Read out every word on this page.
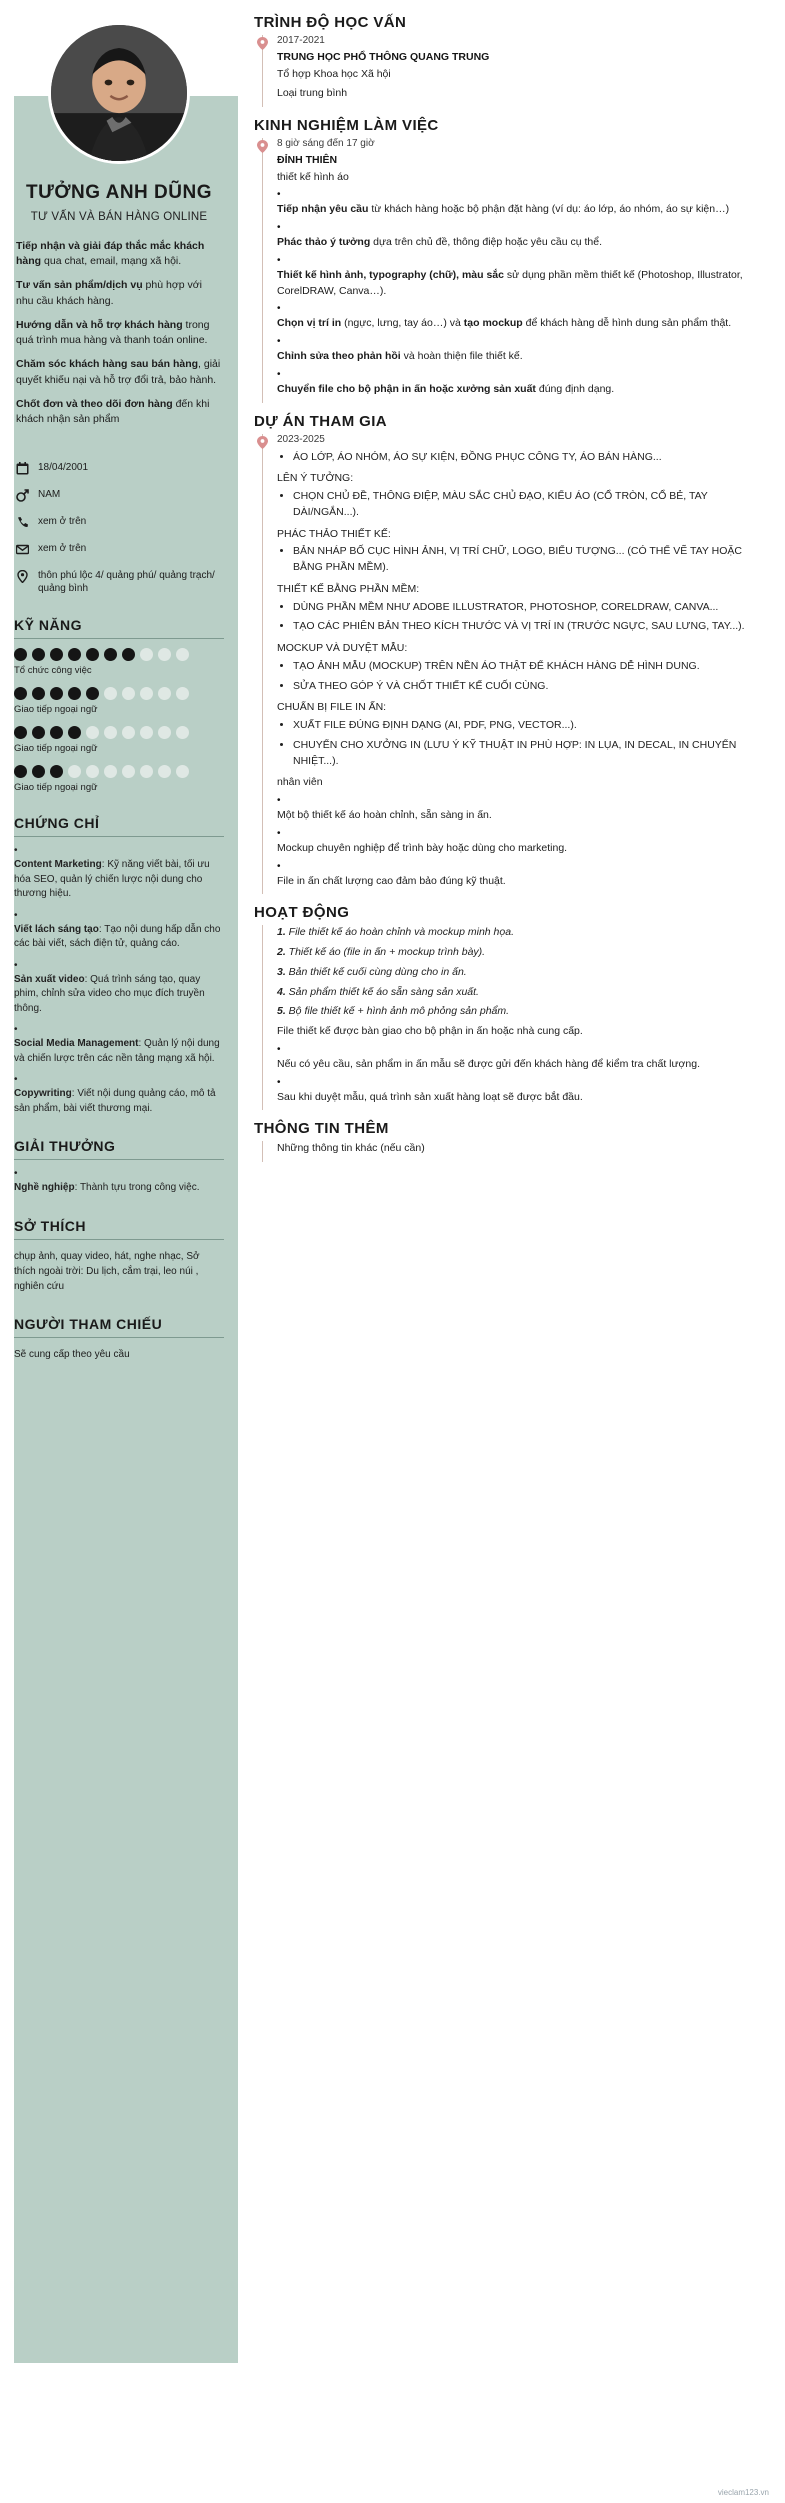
TƯỞNG ANH DŨNG
TƯ VẤN VÀ BÁN HÀNG ONLINE

Tiếp nhận và giải đáp thắc mắc khách hàng qua chat, email, mạng xã hội.

Tư vấn sản phẩm/dịch vụ phù hợp với nhu cầu khách hàng.

Hướng dẫn và hỗ trợ khách hàng trong quá trình mua hàng và thanh toán online.

Chăm sóc khách hàng sau bán hàng, giải quyết khiếu nại và hỗ trợ đổi trả, bảo hành.

Chốt đơn và theo dõi đơn hàng đến khi khách nhận sản phẩm

18/04/2001
NAM
xem ở trên
xem ở trên
thôn phú lộc 4/ quảng phú/ quảng trạch/ quảng bình
KỸ NĂNG
Tổ chức công việc
Giao tiếp ngoại ngữ
Giao tiếp ngoại ngữ
Giao tiếp ngoại ngữ
CHỨNG CHỈ
•
Content Marketing: Kỹ năng viết bài, tối ưu hóa SEO, quản lý chiến lược nội dung cho thương hiệu.
•
Viết lách sáng tạo: Tạo nội dung hấp dẫn cho các bài viết, sách điện tử, quảng cáo.
•
Sản xuất video: Quá trình sáng tạo, quay phim, chỉnh sửa video cho mục đích truyền thông.
•
Social Media Management: Quản lý nội dung và chiến lược trên các nền tảng mạng xã hội.
•
Copywriting: Viết nội dung quảng cáo, mô tả sản phẩm, bài viết thương mại.
GIẢI THƯỞNG
•
Nghề nghiệp: Thành tựu trong công việc.
SỞ THÍCH
chụp ảnh, quay video, hát, nghe nhạc, Sở thích ngoài trời: Du lịch, cắm trại, leo núi , nghiên cứu
NGƯỜI THAM CHIẾU
Sẽ cung cấp theo yêu cầu
TRÌNH ĐỘ HỌC VẤN
2017-2021
TRUNG HỌC PHỔ THÔNG QUANG TRUNG
Tổ hợp Khoa học Xã hội
Loại trung bình
KINH NGHIỆM LÀM VIỆC
8 giờ sáng đến 17 giờ
ĐỈNH THIÊN
thiết kế hình áo
•
Tiếp nhận yêu cầu từ khách hàng hoặc bộ phận đặt hàng (ví dụ: áo lớp, áo nhóm, áo sự kiện…)
•
Phác thảo ý tưởng dựa trên chủ đề, thông điệp hoặc yêu cầu cụ thể.
•
Thiết kế hình ảnh, typography (chữ), màu sắc sử dụng phần mềm thiết kế (Photoshop, Illustrator, CorelDRAW, Canva…).
•
Chọn vị trí in (ngực, lưng, tay áo…) và tạo mockup để khách hàng dễ hình dung sản phẩm thật.
•
Chỉnh sửa theo phản hồi và hoàn thiện file thiết kế.
•
Chuyển file cho bộ phận in ấn hoặc xưởng sản xuất đúng định dạng.
DỰ ÁN THAM GIA
2023-2025
• ÁO LỚP, ÁO NHÓM, ÁO SỰ KIỆN, ĐỒNG PHỤC CÔNG TY, ÁO BÁN HÀNG...
LÊN Ý TƯỞNG:
• CHỌN CHỦ ĐỀ, THÔNG ĐIỆP, MÀU SẮC CHỦ ĐẠO, KIỂU ÁO (CỔ TRÒN, CỔ BẺ, TAY DÀI/NGẮN...).
PHÁC THẢO THIẾT KẾ:
• BẢN NHÁP BỐ CỤC HÌNH ẢNH, VỊ TRÍ CHỮ, LOGO, BIỂU TƯỢNG... (CÓ THỂ VẼ TAY HOẶC BẰNG PHẦN MỀM).
THIẾT KẾ BẰNG PHẦN MỀM:
• DÙNG PHẦN MỀM NHƯ ADOBE ILLUSTRATOR, PHOTOSHOP, CORELDRAW, CANVA...
• TẠO CÁC PHIÊN BẢN THEO KÍCH THƯỚC VÀ VỊ TRÍ IN (TRƯỚC NGỰC, SAU LƯNG, TAY...).
MOCKUP VÀ DUYỆT MẪU:
• TẠO ẢNH MẪU (MOCKUP) TRÊN NỀN ÁO THẬT ĐỂ KHÁCH HÀNG DỄ HÌNH DUNG.
• SỬA THEO GÓP Ý VÀ CHỐT THIẾT KẾ CUỐI CÙNG.
CHUẨN BỊ FILE IN ẤN:
• XUẤT FILE ĐÚNG ĐỊNH DẠNG (AI, PDF, PNG, VECTOR...).
• CHUYỂN CHO XƯỞNG IN (LƯU Ý KỸ THUẬT IN PHÙ HỢP: IN LỤA, IN DECAL, IN CHUYỂN NHIỆT...).
nhân viên
•
Một bộ thiết kế áo hoàn chỉnh, sẵn sàng in ấn.
•
Mockup chuyên nghiệp để trình bày hoặc dùng cho marketing.
•
File in ấn chất lượng cao đảm bảo đúng kỹ thuật.
HOẠT ĐỘNG
1. File thiết kế áo hoàn chỉnh và mockup minh họa.
2. Thiết kế áo (file in ấn + mockup trình bày).
3. Bản thiết kế cuối cùng dùng cho in ấn.
4. Sản phẩm thiết kế áo sẵn sàng sản xuất.
5. Bộ file thiết kế + hình ảnh mô phỏng sản phẩm.
File thiết kế được bàn giao cho bộ phận in ấn hoặc nhà cung cấp.
•
Nếu có yêu cầu, sản phẩm in ấn mẫu sẽ được gửi đến khách hàng để kiểm tra chất lượng.
•
Sau khi duyệt mẫu, quá trình sản xuất hàng loạt sẽ được bắt đầu.
THÔNG TIN THÊM
Những thông tin khác (nếu cần)
vieclam123.vn
